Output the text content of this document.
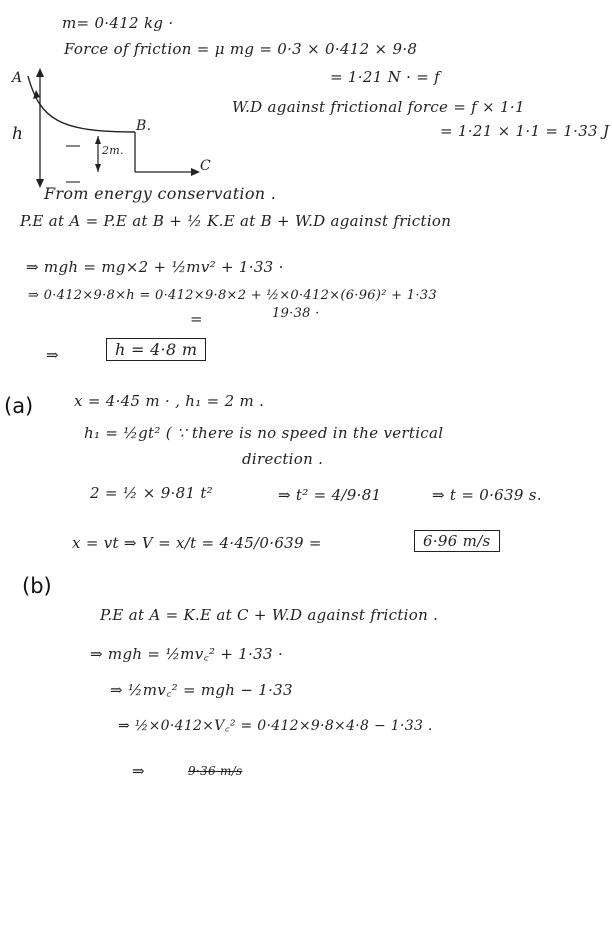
m= 0·412 kg ·
Force of friction = μ mg = 0·3 × 0·412 × 9·8
= 1·21 N · = f
W.D against frictional force = f × 1·1
= 1·21 × 1·1 = 1·33 J
A
h	B.
2m.
C
From energy conservation .
P.E at A = P.E at B + ½ K.E at B + W.D against friction
⇒ mgh = mg×2 + ½mv² + 1·33 ·
⇒ 0·412×9·8×h = 0·412×9·8×2 + ½×0·412×(6·96)² + 1·33
=	19·38 ·
⇒	h = 4·8 m
(a)	x = 4·45 m · , h₁ = 2 m .
h₁ = ½gt² ( ∵ there is no speed in the vertical
direction .
2 = ½ × 9·81 t²	⇒ t² = 4/9·81	⇒ t = 0·639 s.
x = vt ⇒ V = x/t = 4·45/0·639 =	6·96 m/s
(b)
P.E at A = K.E at C + W.D against friction .
⇒ mgh = ½mv꜀² + 1·33 ·
⇒ ½mv꜀² = mgh − 1·33
⇒ ½×0·412×V꜀² = 0·412×9·8×4·8 − 1·33 .
⇒	9·36 m/s
